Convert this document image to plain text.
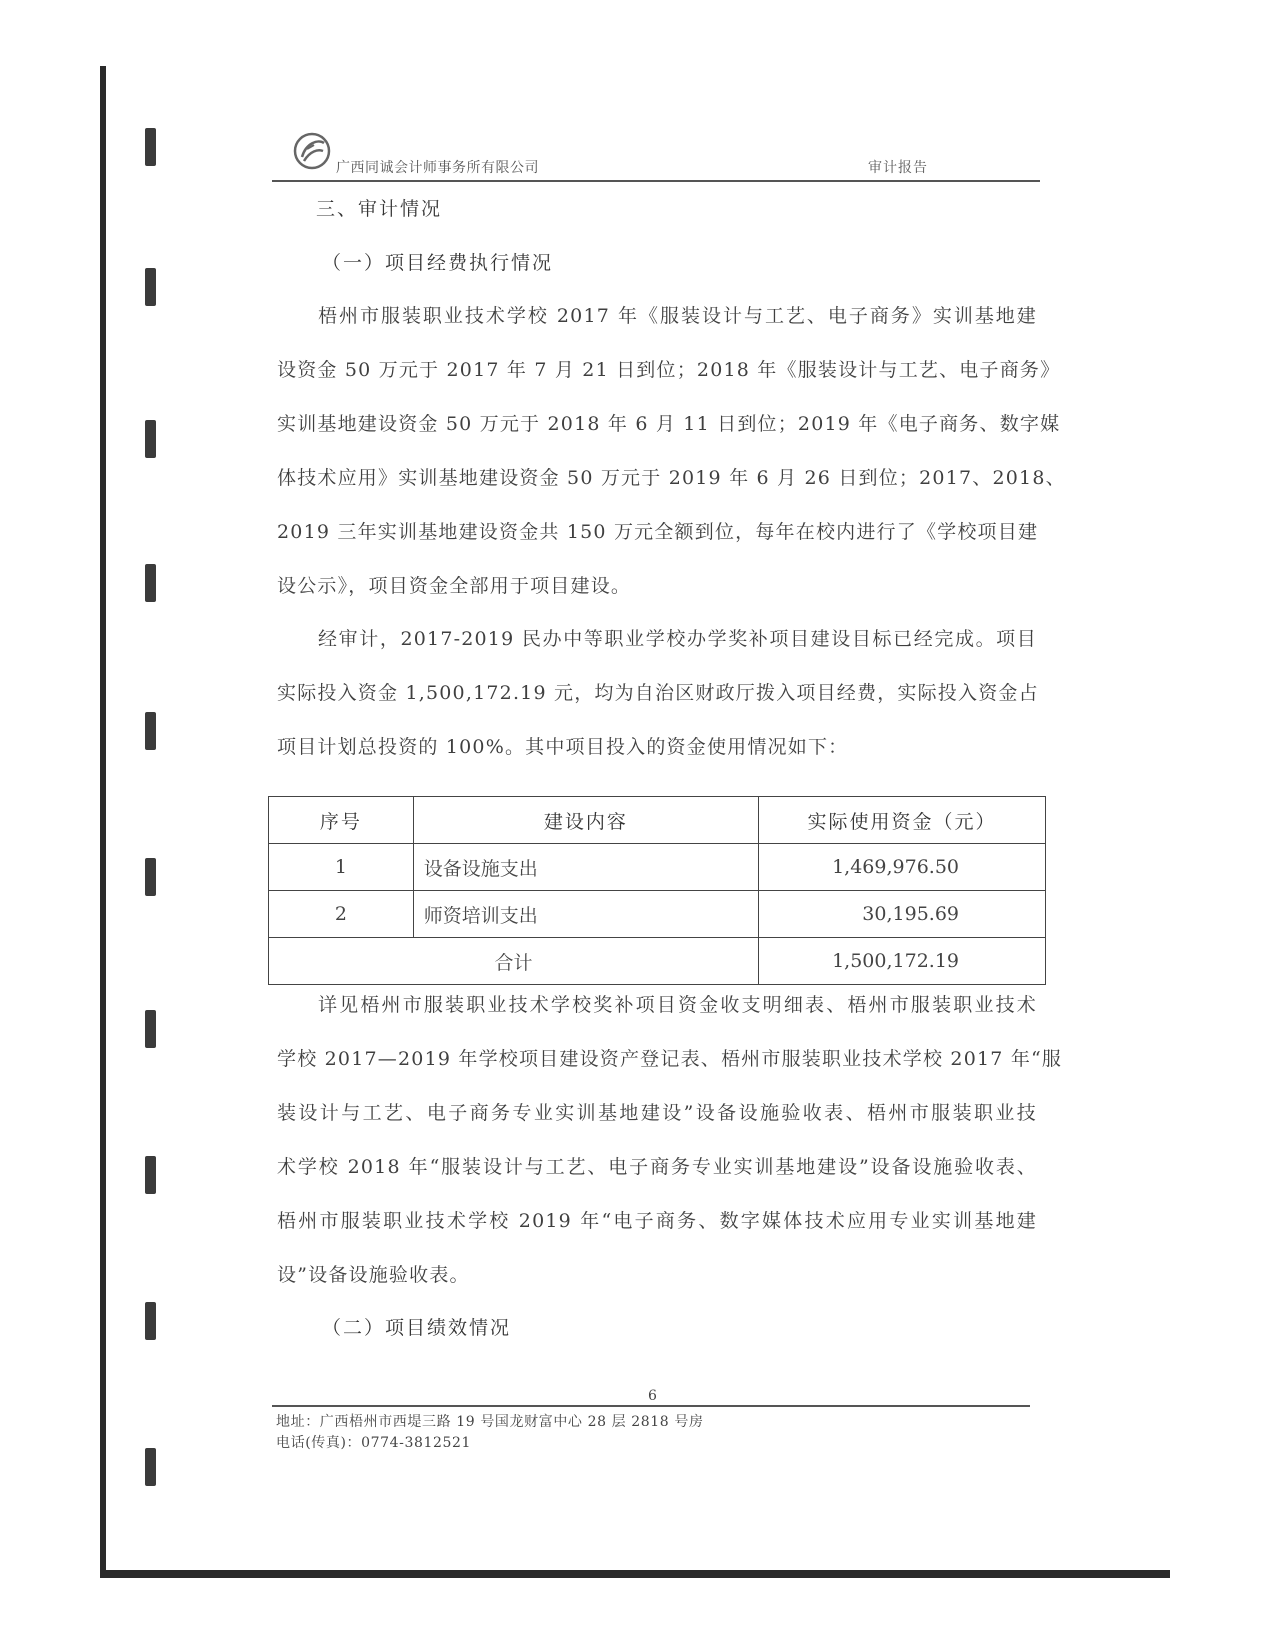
广西同诚会计师事务所有限公司	审计报告
三、审计情况
（一）项目经费执行情况
梧州市服装职业技术学校 2017 年《服装设计与工艺、电子商务》实训基地建
设资金 50 万元于 2017 年 7 月 21 日到位；2018 年《服装设计与工艺、电子商务》
实训基地建设资金 50 万元于 2018 年 6 月 11 日到位；2019 年《电子商务、数字媒
体技术应用》实训基地建设资金 50 万元于 2019 年 6 月 26 日到位；2017、2018、
2019 三年实训基地建设资金共 150 万元全额到位，每年在校内进行了《学校项目建
设公示》，项目资金全部用于项目建设。
经审计，2017-2019 民办中等职业学校办学奖补项目建设目标已经完成。项目
实际投入资金 1,500,172.19 元，均为自治区财政厅拨入项目经费，实际投入资金占
项目计划总投资的 100%。其中项目投入的资金使用情况如下：
序号	建设内容	实际使用资金（元）
1	设备设施支出	1,469,976.50
2	师资培训支出	30,195.69
合计		1,500,172.19
详见梧州市服装职业技术学校奖补项目资金收支明细表、梧州市服装职业技术
学校 2017—2019 年学校项目建设资产登记表、梧州市服装职业技术学校 2017 年“服
装设计与工艺、电子商务专业实训基地建设”设备设施验收表、梧州市服装职业技
术学校 2018 年“服装设计与工艺、电子商务专业实训基地建设”设备设施验收表、
梧州市服装职业技术学校 2019 年“电子商务、数字媒体技术应用专业实训基地建
设”设备设施验收表。
（二）项目绩效情况
6
地址：广西梧州市西堤三路 19 号国龙财富中心 28 层 2818 号房
电话(传真)：0774-3812521
